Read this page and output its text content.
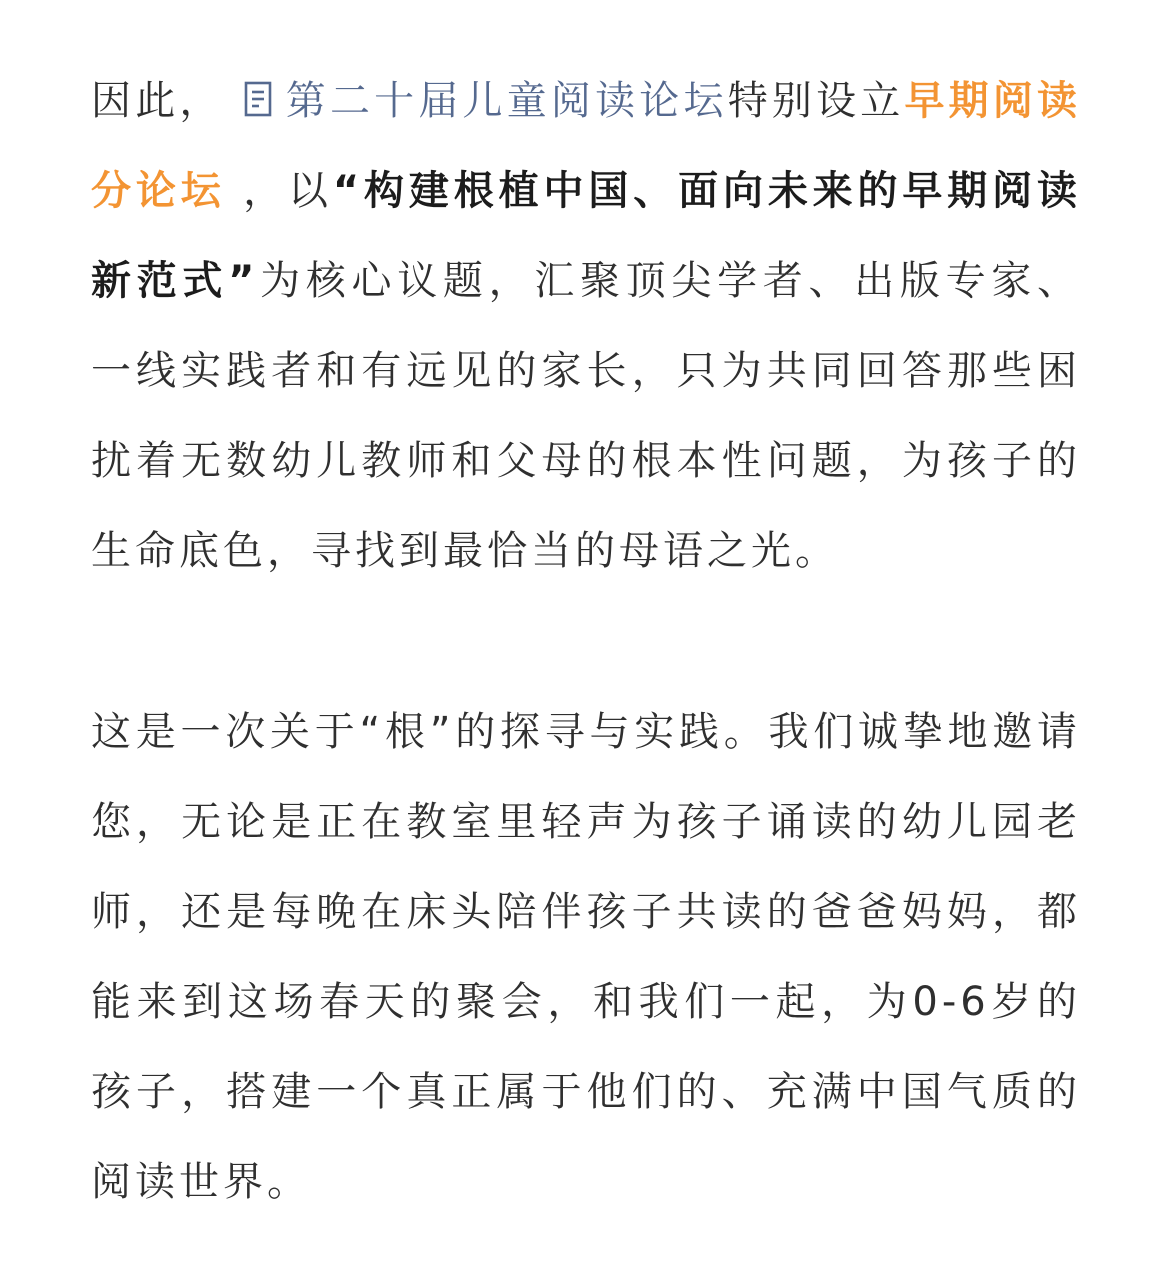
因此， 第二十届儿童阅读论坛特别设立早期阅读分论坛 ，以“构建根植中国、面向未来的早期阅读新范式”为核心议题，汇聚顶尖学者、出版专家、一线实践者和有远见的家长，只为共同回答那些困扰着无数幼儿教师和父母的根本性问题，为孩子的生命底色，寻找到最恰当的母语之光。

这是一次关于“根”的探寻与实践。我们诚挚地邀请您，无论是正在教室里轻声为孩子诵读的幼儿园老师，还是每晚在床头陪伴孩子共读的爸爸妈妈，都能来到这场春天的聚会，和我们一起，为0-6岁的孩子，搭建一个真正属于他们的、充满中国气质的阅读世界。
